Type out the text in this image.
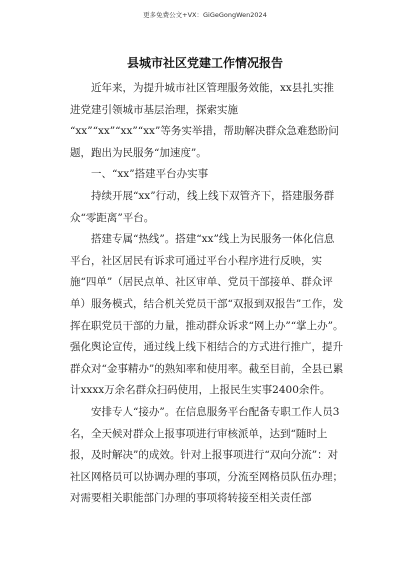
更多免费公文+VX：GiGeGongWen2024
县城市社区党建工作情况报告

近年来，为提升城市社区管理服务效能，xx县扎实推进党建引领城市基层治理，探索实施

“xx”“xx”“xx”“xx”等务实举措，帮助解决群众急难愁盼问题，跑出为民服务“加速度”。

一、“xx”搭建平台办实事

持续开展“xx”行动，线上线下双管齐下，搭建服务群众“零距离”平台。

搭建专属“热线”。搭建“xx”线上为民服务一体化信息平台，社区居民有诉求可通过平台小程序进行反映，实施“四单”（居民点单、社区审单、党员干部接单、群众评单）服务模式，结合机关党员干部“双报到双报告”工作，发挥在职党员干部的力量，推动群众诉求“网上办”“掌上办”。强化舆论宣传，通过线上线下相结合的方式进行推广，提升群众对“金事精办”的熟知率和使用率。截至目前，全县已累计xxxx万余名群众扫码使用，上报民生实事2400余件。

安排专人“接办”。在信息服务平台配备专职工作人员3名，全天候对群众上报事项进行审核派单，达到“随时上报，及时解决”的成效。针对上报事项进行“双向分流”：对社区网格员可以协调办理的事项，分流至网格员队伍办理；对需要相关职能部门办理的事项将转接至相关责任部
